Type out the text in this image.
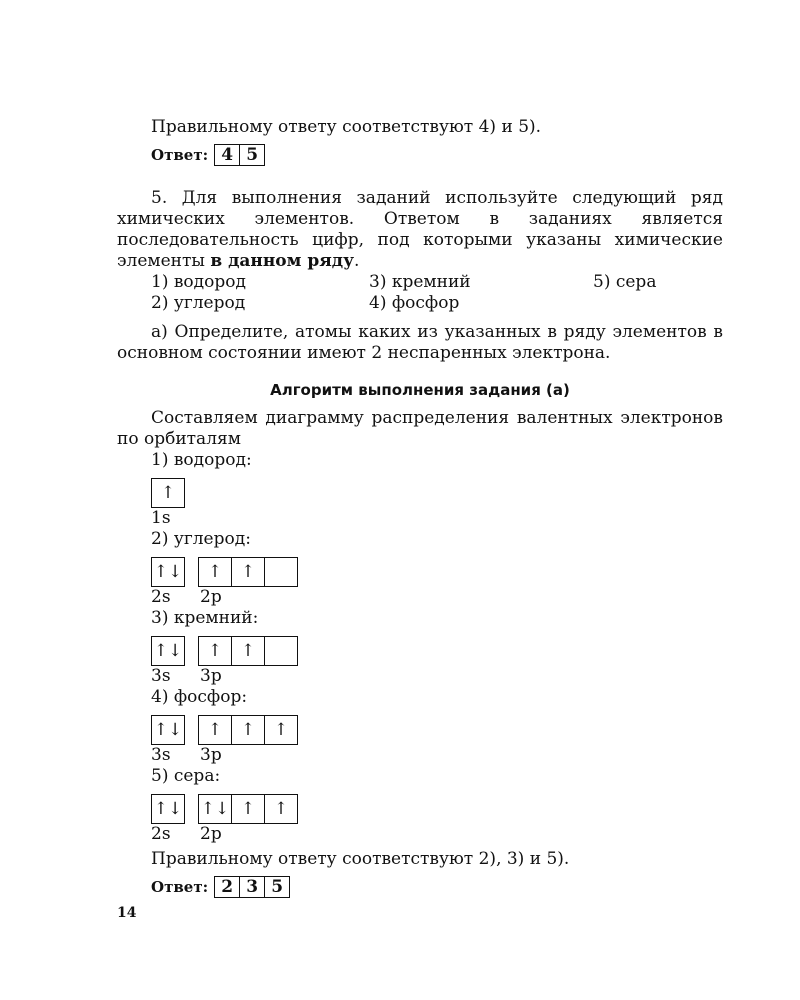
Правильному ответу соответствуют 4) и 5).

Ответ: 4 5

5. Для выполнения заданий используйте следующий ряд химических элементов. Ответом в заданиях является последовательность цифр, под которыми указаны химические элементы в данном ряду.

1) водород	3) кремний	5) сера
2) углерод	4) фосфор

а) Определите, атомы каких из указанных в ряду элементов в основном состоянии имеют 2 неспаренных электрона.

Алгоритм выполнения задания (а)

Составляем диаграмму распределения валентных электронов по орбиталям

1) водород:

↑
1s

2) углерод:

↑↓	↑	↑
2s	2p

3) кремний:

↑↓	↑	↑
3s	3p

4) фосфор:

↑↓	↑	↑	↑
3s	3p

5) сера:

↑↓ ↑↓ ↑	↑
2s	2p

Правильному ответу соответствуют 2), 3) и 5).

Ответ: 2 3 5
14
